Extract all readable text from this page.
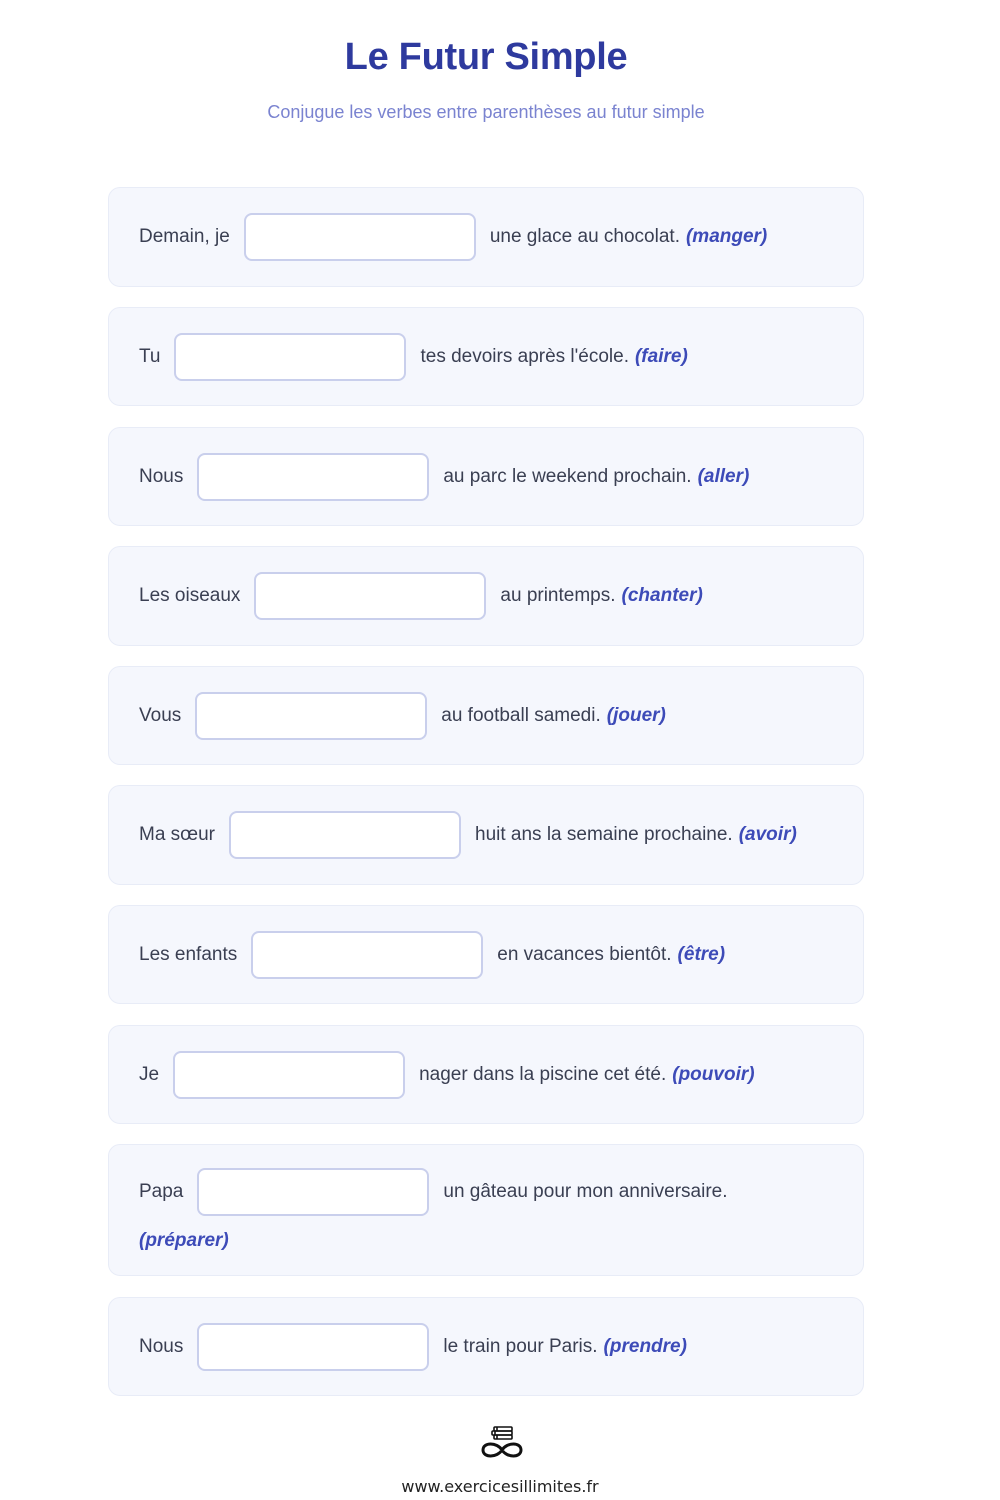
Le Futur Simple
Conjugue les verbes entre parenthèses au futur simple
Demain, je	une glace au chocolat. (manger)
Tu	tes devoirs après l'école. (faire)
Nous	au parc le weekend prochain. (aller)
Les oiseaux	au printemps. (chanter)
Vous	au football samedi. (jouer)
Ma sœur	huit ans la semaine prochaine. (avoir)
Les enfants	en vacances bientôt. (être)
Je	nager dans la piscine cet été. (pouvoir)
Papa	un gâteau pour mon anniversaire.
(préparer)
Nous	le train pour Paris. (prendre)
www.exercicesillimites.fr
